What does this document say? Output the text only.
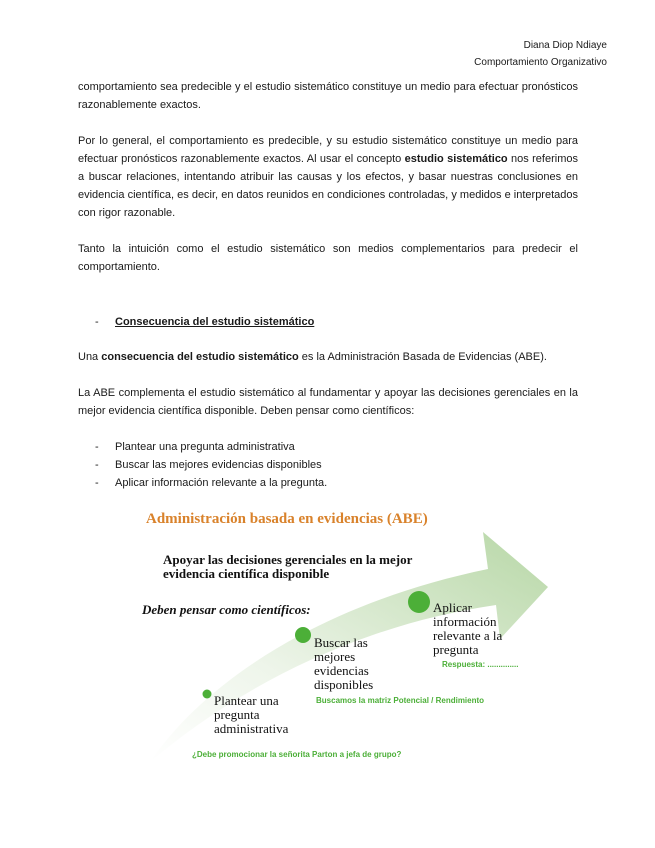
Diana Diop Ndiaye
Comportamiento Organizativo

comportamiento sea predecible y el estudio sistemático constituye un medio para efectuar pronósticos razonablemente exactos.

Por lo general, el comportamiento es predecible, y su estudio sistemático constituye un medio para efectuar pronósticos razonablemente exactos. Al usar el concepto estudio sistemático nos referimos a buscar relaciones, intentando atribuir las causas y los efectos, y basar nuestras conclusiones en evidencia científica, es decir, en datos reunidos en condiciones controladas, y medidos e interpretados con rigor razonable.

Tanto la intuición como el estudio sistemático son medios complementarios para predecir el comportamiento.

- Consecuencia del estudio sistemático

Una consecuencia del estudio sistemático es la Administración Basada de Evidencias (ABE).

La ABE complementa el estudio sistemático al fundamentar y apoyar las decisiones gerenciales en la mejor evidencia científica disponible. Deben pensar como científicos:

- Plantear una pregunta administrativa
- Buscar las mejores evidencias disponibles
- Aplicar información relevante a la pregunta.
Administración basada en evidencias (ABE)
Apoyar las decisiones gerenciales en la mejor
evidencia científica disponible
Deben pensar como científicos:
Plantear una
pregunta
administrativa
Buscar las
mejores
evidencias
disponibles
Aplicar
información
relevante a la
pregunta
Respuesta: ..............
Buscamos la matriz Potencial / Rendimiento
¿Debe promocionar la señorita Parton a jefa de grupo?
